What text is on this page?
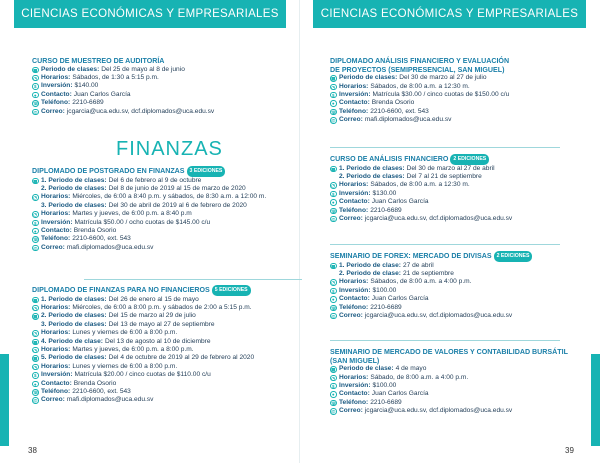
CIENCIAS ECONÓMICAS Y EMPRESARIALES	CIENCIAS ECONÓMICAS Y EMPRESARIALES
38	39
CURSO DE MUESTREO DE AUDITORÍA
▦ Periodo de clases: Del 25 de mayo al 8 de junio
◷ Horarios: Sábados, de 1:30 a 5:15 p.m.
$ Inversión: $140.00
● Contacto: Juan Carlos García
☏ Teléfono: 2210-6689
@ Correo: jcgarcia@uca.edu.sv, dcf.diplomados@uca.edu.sv
FINANZAS
DIPLOMADO DE POSTGRADO EN FINANZAS 3 EDICIONES
▦ 1. Periodo de clases: Del 6 de febrero al 9 de octubre
2. Periodo de clases: Del 8 de junio de 2019 al 15 de marzo de 2020
◷ Horarios: Miércoles, de 6:00 a 8:40 p.m. y sábados, de 8:30 a.m. a 12:00 m.
3. Periodo de clases: Del 30 de abril de 2019 al 6 de febrero de 2020
◷ Horarios: Martes y jueves, de 6:00 p.m. a 8:40 p.m
$ Inversión: Matrícula $50.00 / ocho cuotas de $145.00 c/u
● Contacto: Brenda Osorio
☏ Teléfono: 2210-6600, ext. 543
@ Correo: mafi.diplomados@uca.edu.sv
DIPLOMADO DE FINANZAS PARA NO FINANCIEROS 5 EDICIONES
▦ 1. Periodo de clases: Del 26 de enero al 15 de mayo
◷ Horarios: Miércoles, de 6:00 a 8:00 p.m. y sábados de 2:00 a 5:15 p.m.
▦ 2. Periodo de clases: Del 15 de marzo al 29 de julio
3. Periodo de clases: Del 13 de mayo al 27 de septiembre
◷ Horarios: Lunes y viernes de 6:00 a 8:00 p.m.
▦ 4. Periodo de clase: Del 13 de agosto al 10 de diciembre
◷ Horarios: Martes y jueves, de 6:00 p.m. a 8:00 p.m.
▦ 5. Periodo de clases: Del 4 de octubre de 2019 al 29 de febrero al 2020
◷ Horarios: Lunes y viernes de 6:00 a 8:00 p.m.
$ Inversión: Matrícula $20.00 / cinco cuotas de $110.00 c/u
● Contacto: Brenda Osorio
☏ Teléfono: 2210-6600, ext. 543
@ Correo: mafi.diplomados@uca.edu.sv
DIPLOMADO ANÁLISIS FINANCIERO Y EVALUACIÓN
DE PROYECTOS (SEMIPRESENCIAL, SAN MIGUEL)
▦ Periodo de clases: Del 30 de marzo al 27 de julio
◷ Horarios: Sábados, de 8:00 a.m. a 12:30 m.
$ Inversión: Matrícula $30.00 / cinco cuotas de $150.00 c/u
● Contacto: Brenda Osorio
☏ Teléfono: 2210-6600, ext. 543
@ Correo: mafi.diplomados@uca.edu.sv
CURSO DE ANÁLISIS FINANCIERO 2 EDICIONES
▦ 1. Periodo de clases: Del 30 de marzo al 27 de abril
2. Periodo de clases: Del 7 al 21 de septiembre
◷ Horarios: Sábados, de 8:00 a.m. a 12:30 m.
$ Inversión: $130.00
● Contacto: Juan Carlos García
☏ Teléfono: 2210-6689
@ Correo: jcgarcia@uca.edu.sv, dcf.diplomados@uca.edu.sv
SEMINARIO DE FOREX: MERCADO DE DIVISAS 2 EDICIONES
▦ 1. Periodo de clase: 27 de abril
2. Periodo de clase: 21 de septiembre
◷ Horarios: Sábados, de 8:00 a.m. a 4:00 p.m.
$ Inversión: $100.00
● Contacto: Juan Carlos García
☏ Teléfono: 2210-6689
@ Correo: jcgarcia@uca.edu.sv, dcf.diplomados@uca.edu.sv
SEMINARIO DE MERCADO DE VALORES Y CONTABILIDAD BURSÁTIL
(SAN MIGUEL)
▦ Periodo de clase: 4 de mayo
◷ Horarios: Sábado, de 8:00 a.m. a 4:00 p.m.
$ Inversión: $100.00
● Contacto: Juan Carlos García
☏ Teléfono: 2210-6689
@ Correo: jcgarcia@uca.edu.sv, dcf.diplomados@uca.edu.sv
